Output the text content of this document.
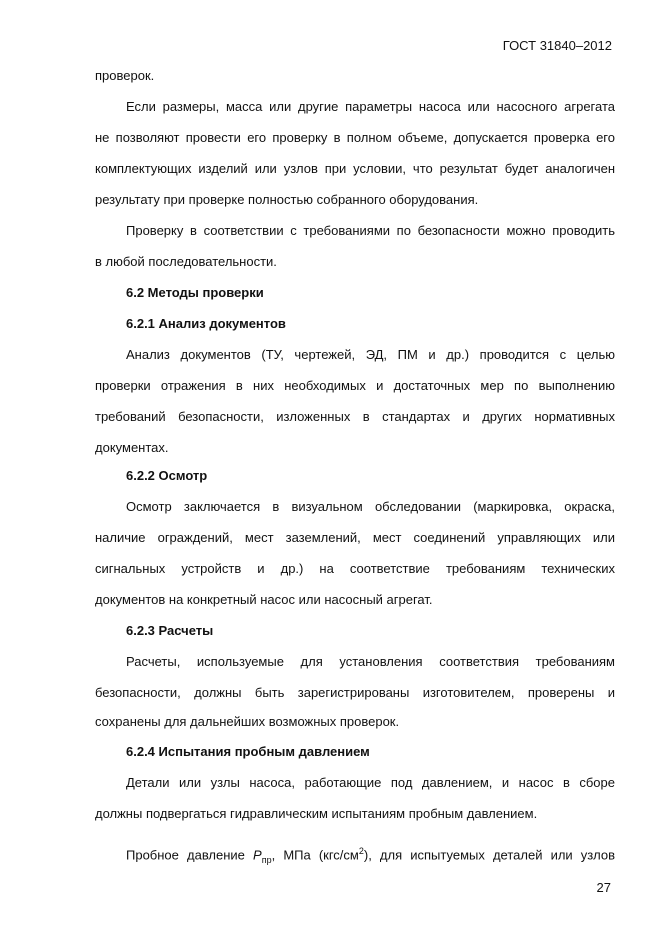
ГОСТ 31840–2012
проверок.
Если размеры, масса или другие параметры насоса или насосного агрегата
не позволяют провести его проверку в полном объеме, допускается проверка его
комплектующих изделий или узлов при условии, что результат будет аналогичен
результату при проверке полностью собранного оборудования.
Проверку в соответствии с требованиями по безопасности можно проводить
в любой последовательности.
6.2 Методы проверки
6.2.1 Анализ документов
Анализ документов (ТУ, чертежей, ЭД, ПМ и др.) проводится с целью
проверки отражения в них необходимых и достаточных мер по выполнению
требований безопасности, изложенных в стандартах и других нормативных
документах.
6.2.2 Осмотр
Осмотр заключается в визуальном обследовании (маркировка, окраска,
наличие ограждений, мест заземлений, мест соединений управляющих или
сигнальных устройств и др.) на соответствие требованиям технических
документов на конкретный насос или насосный агрегат.
6.2.3 Расчеты
Расчеты, используемые для установления соответствия требованиям
безопасности, должны быть зарегистрированы изготовителем, проверены и
сохранены для дальнейших возможных проверок.
6.2.4 Испытания пробным давлением
Детали или узлы насоса, работающие под давлением, и насос в сборе
должны подвергаться гидравлическим испытаниям пробным давлением.
Пробное давление $P_{пр}$, МПа $(кгс/см^2)$, для испытуемых деталей или узлов
27
